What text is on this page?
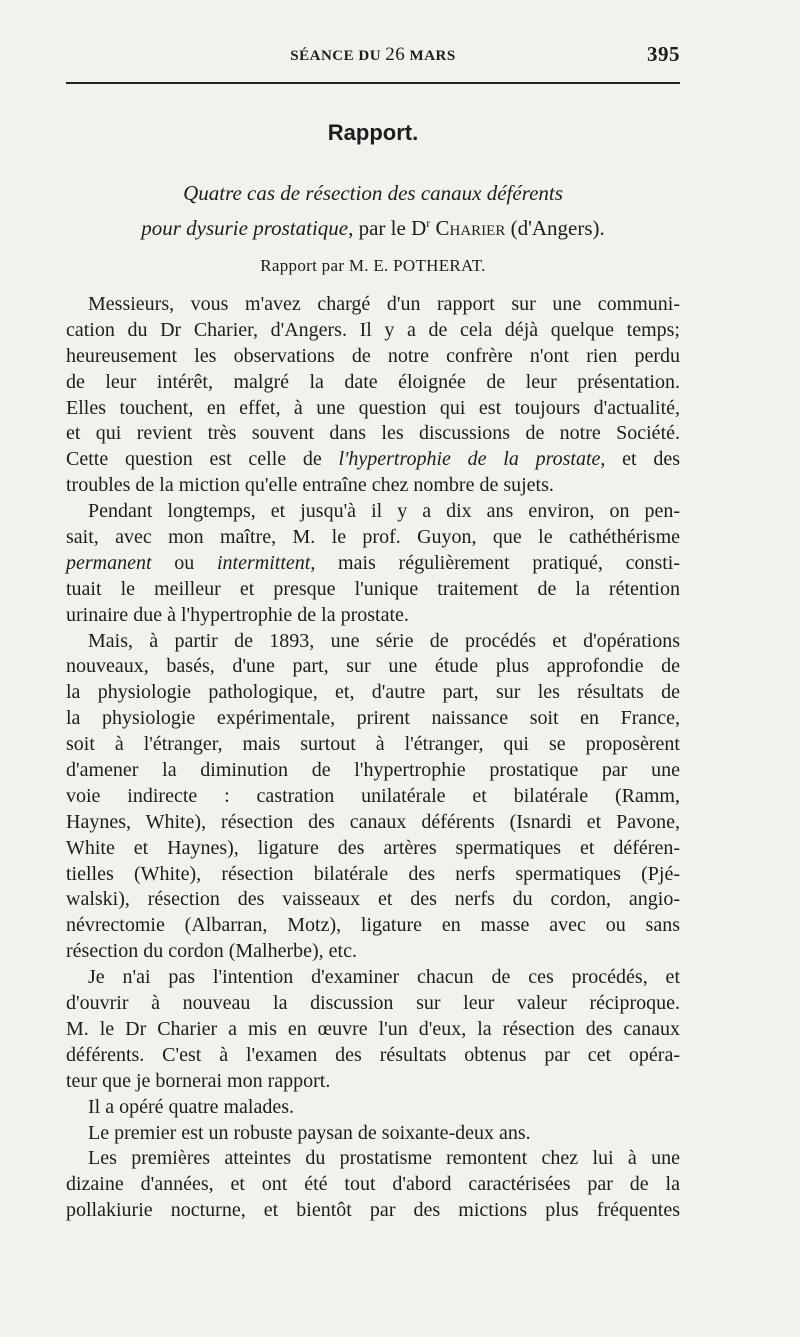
SÉANCE DU 26 MARS	395
Rapport.
Quatre cas de résection des canaux déférents
pour dysurie prostatique, par le $D^r$ Charier (d'Angers).
Rapport par M. E. POTHERAT.
Messieurs, vous m'avez chargé d'un rapport sur une communi-
cation du Dr Charier, d'Angers. Il y a de cela déjà quelque temps;
heureusement les observations de notre confrère n'ont rien perdu
de leur intérêt, malgré la date éloignée de leur présentation.
Elles touchent, en effet, à une question qui est toujours d'actualité,
et qui revient très souvent dans les discussions de notre Société.
Cette question est celle de l'hypertrophie de la prostate, et des
troubles de la miction qu'elle entraîne chez nombre de sujets.
Pendant longtemps, et jusqu'à il y a dix ans environ, on pen-
sait, avec mon maître, M. le prof. Guyon, que le cathéthérisme
permanent ou intermittent, mais régulièrement pratiqué, consti-
tuait le meilleur et presque l'unique traitement de la rétention
urinaire due à l'hypertrophie de la prostate.
Mais, à partir de 1893, une série de procédés et d'opérations
nouveaux, basés, d'une part, sur une étude plus approfondie de
la physiologie pathologique, et, d'autre part, sur les résultats de
la physiologie expérimentale, prirent naissance soit en France,
soit à l'étranger, mais surtout à l'étranger, qui se proposèrent
d'amener la diminution de l'hypertrophie prostatique par une
voie indirecte : castration unilatérale et bilatérale (Ramm,
Haynes, White), résection des canaux déférents (Isnardi et Pavone,
White et Haynes), ligature des artères spermatiques et déféren-
tielles (White), résection bilatérale des nerfs spermatiques (Pjé-
walski), résection des vaisseaux et des nerfs du cordon, angio-
névrectomie (Albarran, Motz), ligature en masse avec ou sans
résection du cordon (Malherbe), etc.
Je n'ai pas l'intention d'examiner chacun de ces procédés, et
d'ouvrir à nouveau la discussion sur leur valeur réciproque.
M. le Dr Charier a mis en œuvre l'un d'eux, la résection des canaux
déférents. C'est à l'examen des résultats obtenus par cet opéra-
teur que je bornerai mon rapport.
Il a opéré quatre malades.
Le premier est un robuste paysan de soixante-deux ans.
Les premières atteintes du prostatisme remontent chez lui à une
dizaine d'années, et ont été tout d'abord caractérisées par de la
pollakiurie nocturne, et bientôt par des mictions plus fréquentes
